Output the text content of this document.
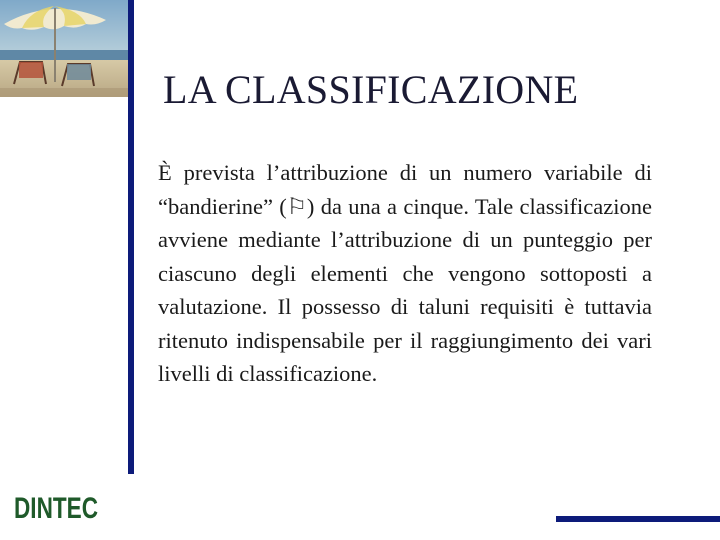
LA CLASSIFICAZIONE

È prevista l’attribuzione di un numero variabile di “bandierine” (⚐) da una a cinque. Tale classificazione avviene mediante l’attribuzione di un punteggio per ciascuno degli elementi che vengono sottoposti a valutazione. Il possesso di taluni requisiti è tuttavia ritenuto indispensabile per il raggiungimento dei vari livelli di classificazione.

DINTEC
